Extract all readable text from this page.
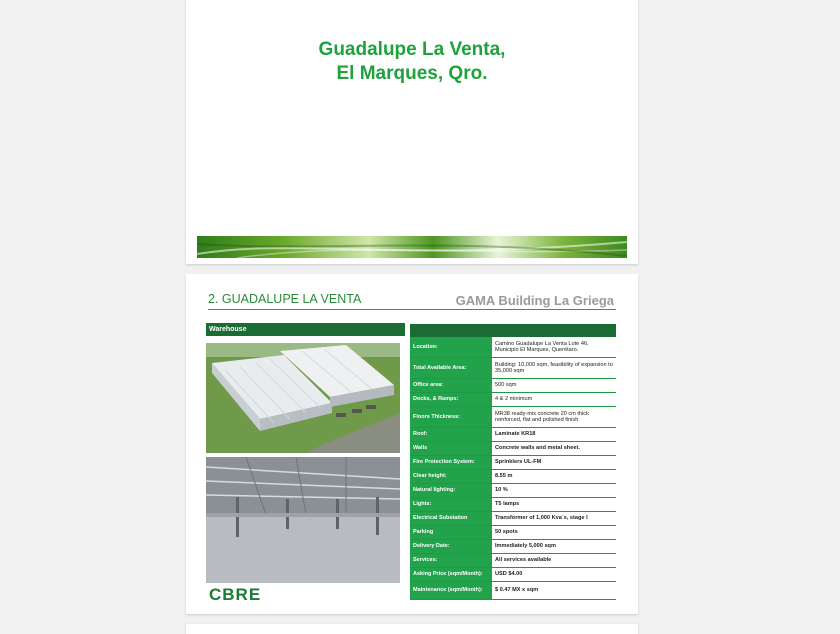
Guadalupe La Venta,
El Marques, Qro.
2. GUADALUPE LA VENTA	GAMA Building La Griega
Warehouse
CBRE
Location:	Camino Guadalupe La Venta Lote 46, Municipio El Marques, Querétaro.
Total Available Area:	Building: 10,000 sqm, feasibility of expansion to 35,000 sqm
Office area:	500 sqm
Docks, & Ramps:	4 & 2 minimum
Floors Thickness:	MR38 ready-mix concrete 20 cm thick reinforced, flat and polished finish
Roof:	Laminate KR18
Walls	Concrete walls and metal sheet.
Fire Protection System:	Sprinklers UL-FM
Clear height:	8.55 m
Natural lighting:	10 %
Lights:	T5 lamps
Electrical Substation	Transformer of 1,000 Kva´s, stage I
Parking	50 spots
Delivery Date:	Immediately 5,000 sqm
Services:	All services available
Asking Price (sqm/Month):	USD $4.00
Maintenance (sqm/Month):	$ 0.47 MX x sqm
